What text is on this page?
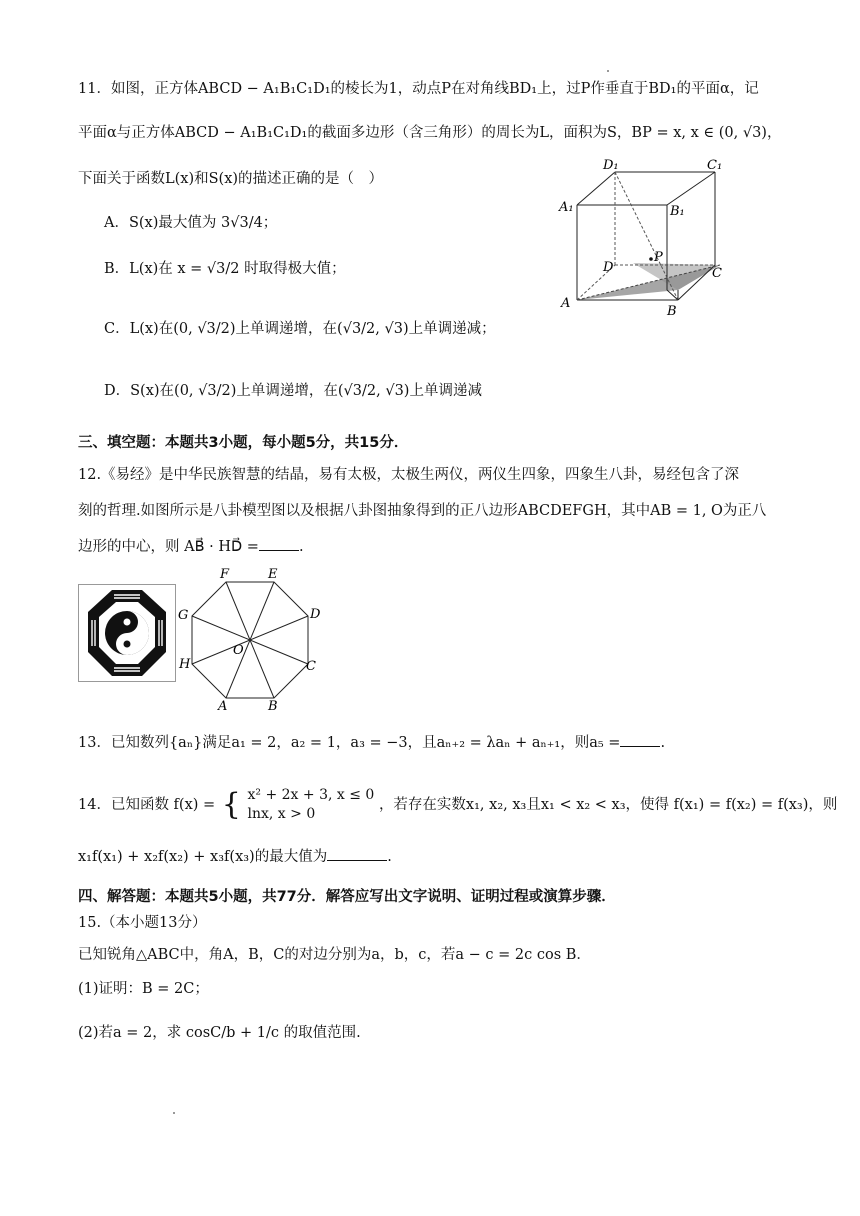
11．如图，正方体ABCD − A₁B₁C₁D₁的棱长为1，动点P在对角线BD₁上，过P作垂直于BD₁的平面α，记
平面α与正方体ABCD − A₁B₁C₁D₁的截面多边形（含三角形）的周长为L，面积为S，BP = x, x ∈ (0, √3)，
下面关于函数L(x)和S(x)的描述正确的是（　）
A．S(x)最大值为 3√3/4；
B．L(x)在 x = √3/2 时取得极大值；
C．L(x)在(0, √3/2)上单调递增，在(√3/2, √3)上单调递减；
D．S(x)在(0, √3/2)上单调递增，在(√3/2, √3)上单调递减
D₁	C₁
A₁	B₁
D
P
C
A
B
三、填空题：本题共3小题，每小题5分，共15分．
12.《易经》是中华民族智慧的结晶，易有太极，太极生两仪，两仪生四象，四象生八卦，易经包含了深
刻的哲理.如图所示是八卦模型图以及根据八卦图抽象得到的正八边形ABCDEFGH，其中AB = 1, O为正八
边形的中心，则 AB⃗ · HD⃗ =	.
F	E
D
C
B
A
H
G
O
13．已知数列{aₙ}满足a₁ = 2，a₂ = 1，a₃ = −3，且aₙ₊₂ = λaₙ + aₙ₊₁，则a₅ =	.
14．已知函数 f(x) = { x² + 2x + 3, x ≤ 0
lnx, x > 0 ，若存在实数x₁, x₂, x₃且x₁ < x₂ < x₃，使得 f(x₁) = f(x₂) = f(x₃)，则
x₁f(x₁) + x₂f(x₂) + x₃f(x₃)的最大值为	.
四、解答题：本题共5小题，共77分．解答应写出文字说明、证明过程或演算步骤．
15.（本小题13分）
已知锐角△ABC中，角A，B，C的对边分别为a，b，c，若a − c = 2c cos B．
(1)证明：B = 2C；
(2)若a = 2，求 cosC/b + 1/c 的取值范围.
